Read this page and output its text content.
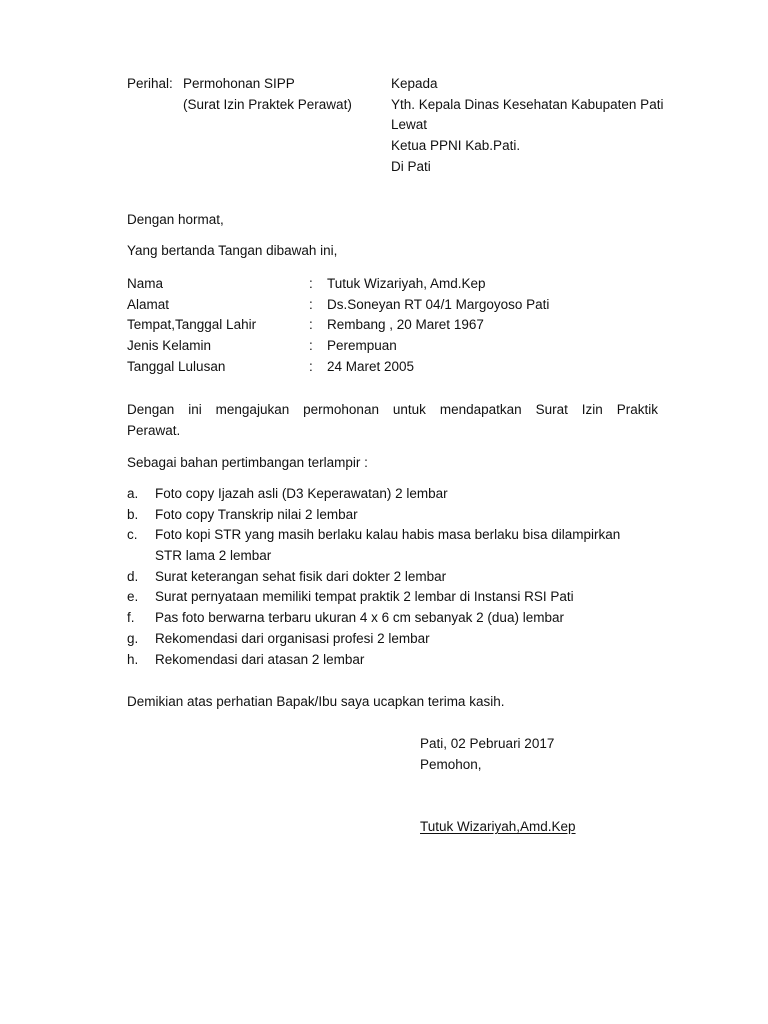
Perihal: Permohonan SIPP
(Surat Izin Praktek Perawat)
Kepada
Yth. Kepala Dinas Kesehatan Kabupaten Pati
Lewat
Ketua PPNI Kab.Pati.
Di Pati
Dengan hormat,
Yang bertanda Tangan dibawah ini,
Nama
Alamat
Tempat,Tanggal Lahir
Jenis Kelamin
Tanggal Lulusan
:
:
:
:
:
Tutuk Wizariyah, Amd.Kep
Ds.Soneyan RT 04/1 Margoyoso Pati
Rembang , 20 Maret 1967
Perempuan
24 Maret 2005
Dengan ini mengajukan permohonan untuk mendapatkan Surat Izin Praktik
Perawat.
Sebagai bahan pertimbangan terlampir :
a.
b.
c.
d.
e.
f.
g.
h.
Foto copy Ijazah asli (D3 Keperawatan) 2 lembar
Foto copy Transkrip nilai 2 lembar
Foto kopi STR yang masih berlaku kalau habis masa berlaku bisa dilampirkan
STR lama 2 lembar
Surat keterangan sehat fisik dari dokter 2 lembar
Surat pernyataan memiliki tempat praktik 2 lembar di Instansi RSI Pati
Pas foto berwarna terbaru ukuran 4 x 6 cm sebanyak 2 (dua) lembar
Rekomendasi dari organisasi profesi 2 lembar
Rekomendasi dari atasan 2 lembar
Demikian atas perhatian Bapak/Ibu saya ucapkan terima kasih.
Pati, 02 Pebruari 2017
Pemohon,
Tutuk Wizariyah,Amd.Kep
